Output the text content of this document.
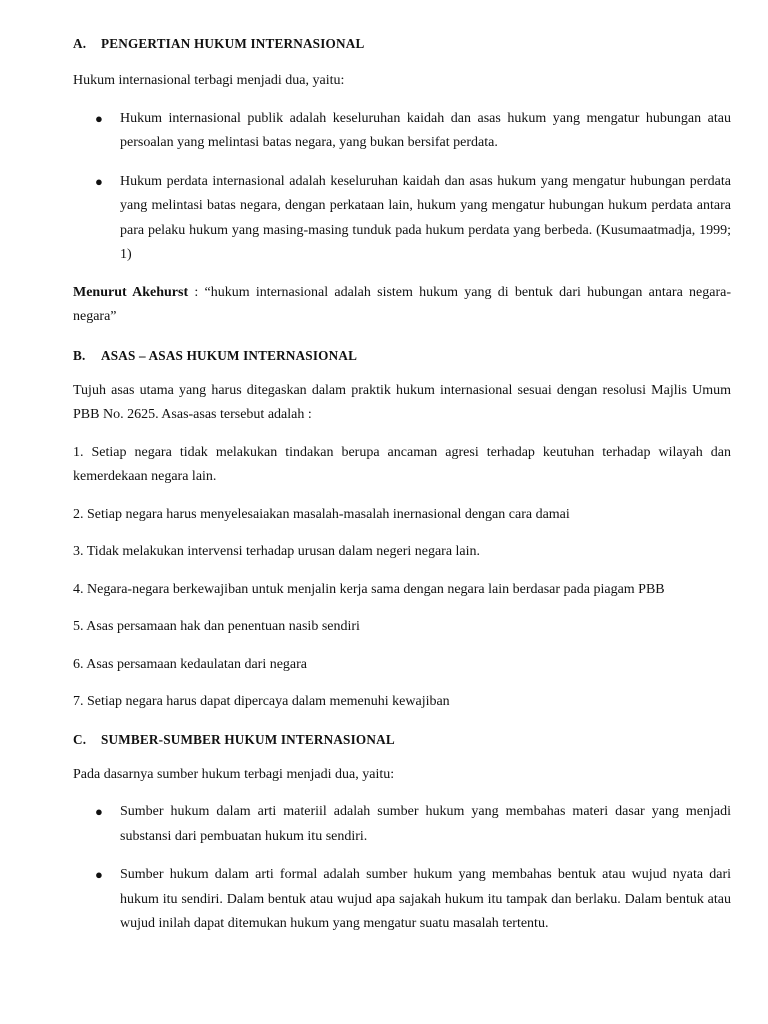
A. PENGERTIAN HUKUM INTERNASIONAL

Hukum internasional terbagi menjadi dua, yaitu:

● Hukum internasional publik adalah keseluruhan kaidah dan asas hukum yang mengatur hubungan atau persoalan yang melintasi batas negara, yang bukan bersifat perdata.
● Hukum perdata internasional adalah keseluruhan kaidah dan asas hukum yang mengatur hubungan perdata yang melintasi batas negara, dengan perkataan lain, hukum yang mengatur hubungan hukum perdata antara para pelaku hukum yang masing-masing tunduk pada hukum perdata yang berbeda. (Kusumaatmadja, 1999; 1)

Menurut Akehurst : “hukum internasional adalah sistem hukum yang di bentuk dari hubungan antara negara-negara”

B. ASAS – ASAS HUKUM INTERNASIONAL

Tujuh asas utama yang harus ditegaskan dalam praktik hukum internasional sesuai dengan resolusi Majlis Umum PBB No. 2625. Asas-asas tersebut adalah :

1. Setiap negara tidak melakukan tindakan berupa ancaman agresi terhadap keutuhan terhadap wilayah dan kemerdekaan negara lain.
2. Setiap negara harus menyelesaiakan masalah-masalah inernasional dengan cara damai
3. Tidak melakukan intervensi terhadap urusan dalam negeri negara lain.
4. Negara-negara berkewajiban untuk menjalin kerja sama dengan negara lain berdasar pada piagam PBB
5. Asas persamaan hak dan penentuan nasib sendiri
6. Asas persamaan kedaulatan dari negara
7. Setiap negara harus dapat dipercaya dalam memenuhi kewajiban
C. SUMBER-SUMBER HUKUM INTERNASIONAL

Pada dasarnya sumber hukum terbagi menjadi dua, yaitu:

● Sumber hukum dalam arti materiil adalah sumber hukum yang membahas materi dasar yang menjadi substansi dari pembuatan hukum itu sendiri.
● Sumber hukum dalam arti formal adalah sumber hukum yang membahas bentuk atau wujud nyata dari hukum itu sendiri. Dalam bentuk atau wujud apa sajakah hukum itu tampak dan berlaku. Dalam bentuk atau wujud inilah dapat ditemukan hukum yang mengatur suatu masalah tertentu.
